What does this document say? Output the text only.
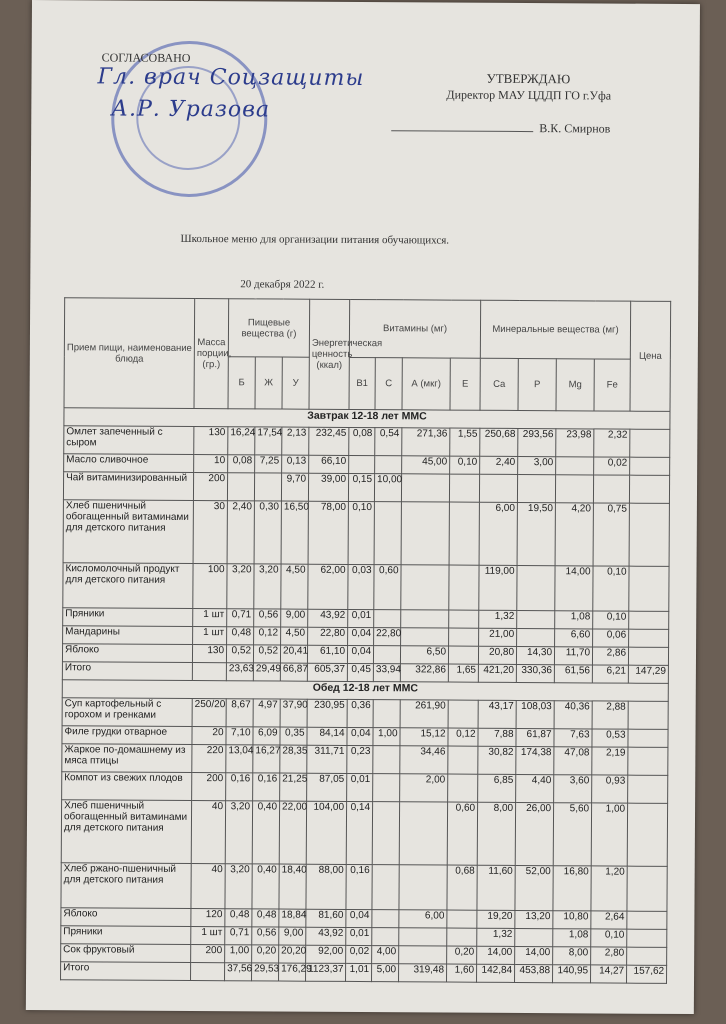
СОГЛАСОВАНО
Гл. врач Соцзащиты
А.Р. Уразова
УТВЕРЖДАЮ
Директор МАУ ЦДДП ГО г.Уфа
В.К. Смирнов
Школьное меню для организации питания обучающихся.
20 декабря 2022 г.
Прием пищи, наименование блюда	Масса порции, (гр.)	Пищевые вещества (г)			Энергетическая ценность (ккал)	Витамины (мг)				Минеральные вещества (мг)				Цена
		Б	Ж	У		B1	C	А (мкг)	Е	Ca	P	Mg	Fe	
Завтрак 12-18 лет ММС														
Омлет запеченный с сыром	130	16,24	17,54	2,13	232,45	0,08	0,54	271,36	1,55	250,68	293,56	23,98	2,32	
Масло сливочное	10	0,08	7,25	0,13	66,10			45,00	0,10	2,40	3,00		0,02	
Чай витаминизированный	200			9,70	39,00	0,15	10,00							
Хлеб пшеничный обогащенный витаминами для детского питания	30	2,40	0,30	16,50	78,00	0,10				6,00	19,50	4,20	0,75	
Кисломолочный продукт для детского питания	100	3,20	3,20	4,50	62,00	0,03	0,60			119,00		14,00	0,10	
Пряники	1 шт	0,71	0,56	9,00	43,92	0,01				1,32		1,08	0,10	
Мандарины	1 шт	0,48	0,12	4,50	22,80	0,04	22,80			21,00		6,60	0,06	
Яблоко	130	0,52	0,52	20,41	61,10	0,04		6,50		20,80	14,30	11,70	2,86	
Итого		23,63	29,49	66,87	605,37	0,45	33,94	322,86	1,65	421,20	330,36	61,56	6,21	147,29
Обед 12-18 лет ММС														
Суп картофельный с горохом и гренками	250/20	8,67	4,97	37,90	230,95	0,36		261,90		43,17	108,03	40,36	2,88	
Филе грудки отварное	20	7,10	6,09	0,35	84,14	0,04	1,00	15,12	0,12	7,88	61,87	7,63	0,53	
Жаркое по-домашнему из мяса птицы	220	13,04	16,27	28,35	311,71	0,23		34,46		30,82	174,38	47,08	2,19	
Компот из свежих плодов	200	0,16	0,16	21,25	87,05	0,01		2,00		6,85	4,40	3,60	0,93	
Хлеб пшеничный обогащенный витаминами для детского питания	40	3,20	0,40	22,00	104,00	0,14			0,60	8,00	26,00	5,60	1,00	
Хлеб ржано-пшеничный для детского питания	40	3,20	0,40	18,40	88,00	0,16			0,68	11,60	52,00	16,80	1,20	
Яблоко	120	0,48	0,48	18,84	81,60	0,04		6,00		19,20	13,20	10,80	2,64	
Пряники	1 шт	0,71	0,56	9,00	43,92	0,01				1,32		1,08	0,10	
Сок фруктовый	200	1,00	0,20	20,20	92,00	0,02	4,00		0,20	14,00	14,00	8,00	2,80	
Итого		37,56	29,53	176,29	1123,37	1,01	5,00	319,48	1,60	142,84	453,88	140,95	14,27	157,62
